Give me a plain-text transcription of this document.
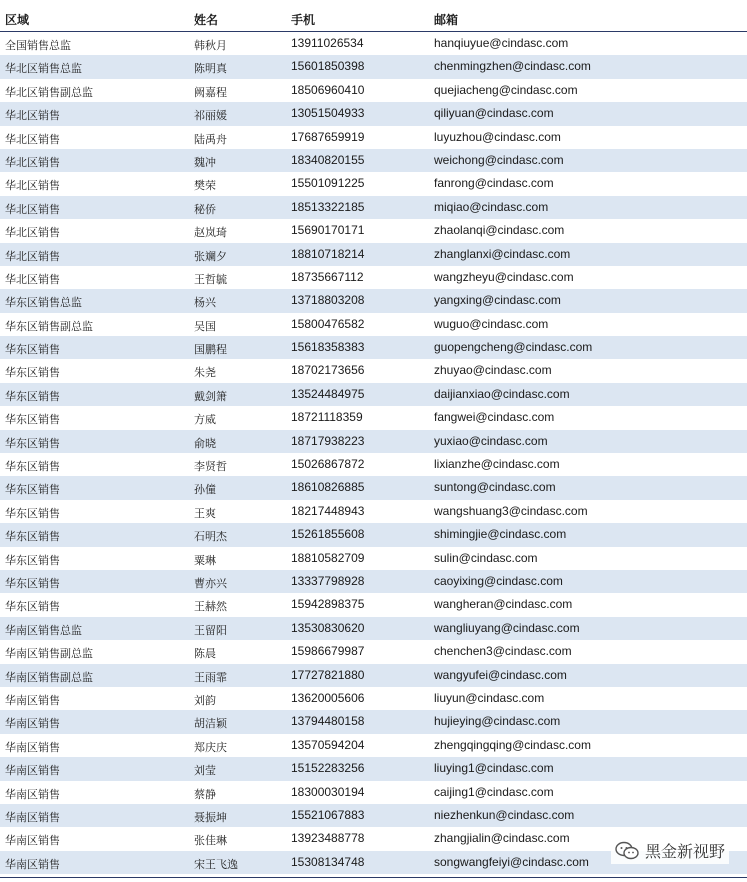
区域	姓名	手机	邮箱
全国销售总监	韩秋月	13911026534	hanqiuyue@cindasc.com
华北区销售总监	陈明真	15601850398	chenmingzhen@cindasc.com
华北区销售副总监	阙嘉程	18506960410	quejiacheng@cindasc.com
华北区销售	祁丽媛	13051504933	qiliyuan@cindasc.com
华北区销售	陆禹舟	17687659919	luyuzhou@cindasc.com
华北区销售	魏冲	18340820155	weichong@cindasc.com
华北区销售	樊荣	15501091225	fanrong@cindasc.com
华北区销售	秘侨	18513322185	miqiao@cindasc.com
华北区销售	赵岚琦	15690170171	zhaolanqi@cindasc.com
华北区销售	张斓夕	18810718214	zhanglanxi@cindasc.com
华北区销售	王哲毓	18735667112	wangzheyu@cindasc.com
华东区销售总监	杨兴	13718803208	yangxing@cindasc.com
华东区销售副总监	吴国	15800476582	wuguo@cindasc.com
华东区销售	国鹏程	15618358383	guopengcheng@cindasc.com
华东区销售	朱尧	18702173656	zhuyao@cindasc.com
华东区销售	戴剑箫	13524484975	daijianxiao@cindasc.com
华东区销售	方威	18721118359	fangwei@cindasc.com
华东区销售	俞晓	18717938223	yuxiao@cindasc.com
华东区销售	李贤哲	15026867872	lixianzhe@cindasc.com
华东区销售	孙僮	18610826885	suntong@cindasc.com
华东区销售	王爽	18217448943	wangshuang3@cindasc.com
华东区销售	石明杰	15261855608	shimingjie@cindasc.com
华东区销售	粟琳	18810582709	sulin@cindasc.com
华东区销售	曹亦兴	13337798928	caoyixing@cindasc.com
华东区销售	王赫然	15942898375	wangheran@cindasc.com
华南区销售总监	王留阳	13530830620	wangliuyang@cindasc.com
华南区销售副总监	陈晨	15986679987	chenchen3@cindasc.com
华南区销售副总监	王雨霏	17727821880	wangyufei@cindasc.com
华南区销售	刘韵	13620005606	liuyun@cindasc.com
华南区销售	胡洁颖	13794480158	hujieying@cindasc.com
华南区销售	郑庆庆	13570594204	zhengqingqing@cindasc.com
华南区销售	刘莹	15152283256	liuying1@cindasc.com
华南区销售	蔡静	18300030194	caijing1@cindasc.com
华南区销售	聂振坤	15521067883	niezhenkun@cindasc.com
华南区销售	张佳琳	13923488778	zhangjialin@cindasc.com
华南区销售	宋王飞逸	15308134748	songwangfeiyi@cindasc.com
黑金新视野
